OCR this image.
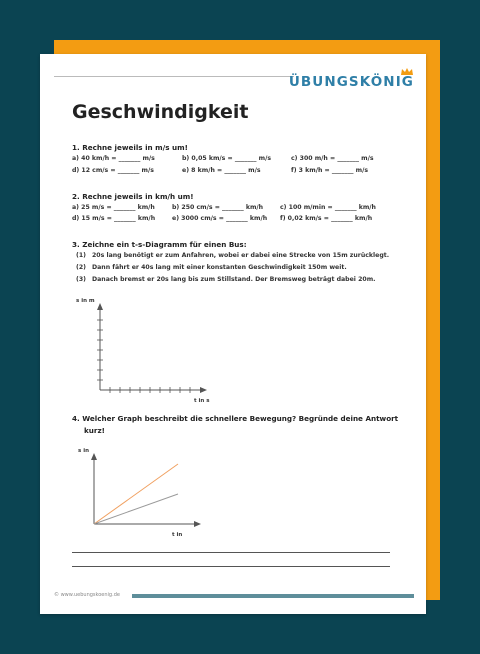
ÜBUNGSKÖNIG
Geschwindigkeit
1. Rechne jeweils in m/s um!
a) 40 km/h = _______ m/s	b) 0,05 km/s = _______ m/s	c) 300 m/h = _______ m/s
d) 12 cm/s = _______ m/s	e) 8 km/h = _______ m/s	f) 3 km/h = _______ m/s
2. Rechne jeweils in km/h um!
a) 25 m/s = _______ km/h	b) 250 cm/s = _______ km/h	c) 100 m/min = _______ km/h
d) 15 m/s = _______ km/h	e) 3000 cm/s = _______ km/h f) 0,02 km/s = _______ km/h
3. Zeichne ein t-s-Diagramm für einen Bus:
(1) 20s lang benötigt er zum Anfahren, wobei er dabei eine Strecke von 15m zurücklegt.
(2) Dann fährt er 40s lang mit einer konstanten Geschwindigkeit 150m weit.
(3) Danach bremst er 20s lang bis zum Stillstand. Der Bremsweg beträgt dabei 20m.
s in m
t in s
4. Welcher Graph beschreibt die schnellere Bewegung? Begründe deine Antwort
kurz!
s in
t in
© www.uebungskoenig.de
